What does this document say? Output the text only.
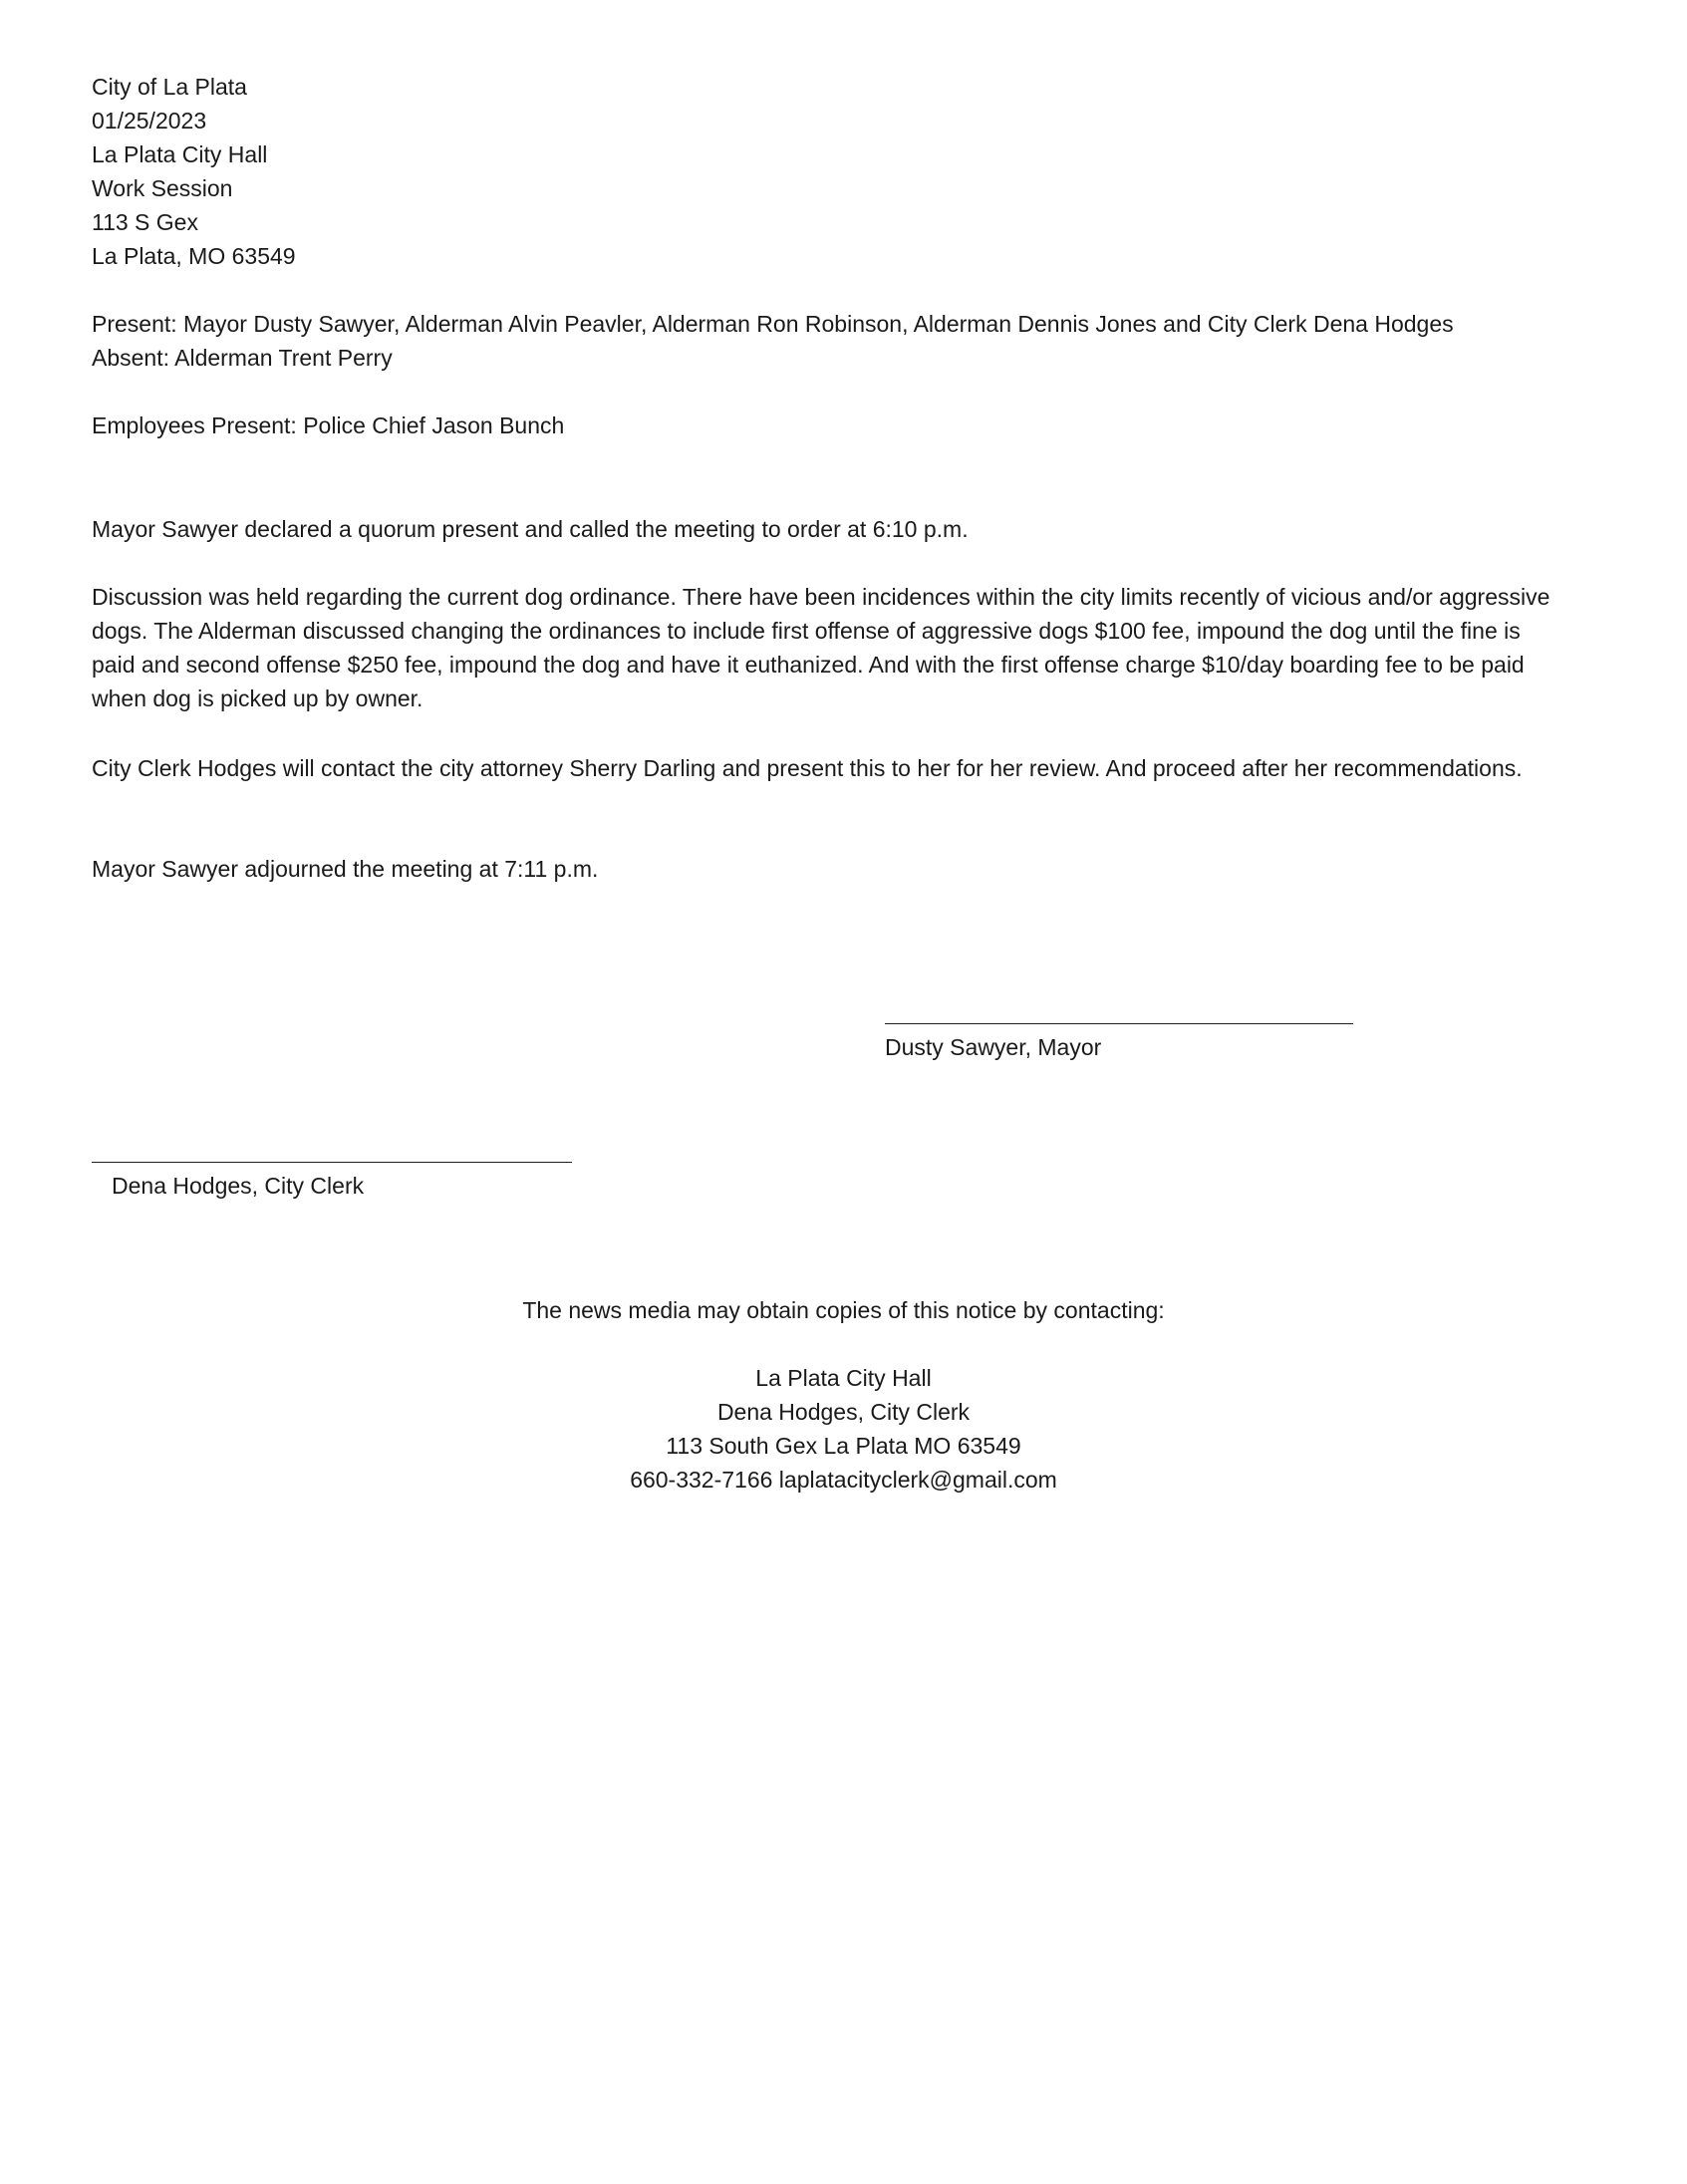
City of La Plata
01/25/2023
La Plata City Hall
Work Session
113 S Gex
La Plata, MO 63549
Present: Mayor Dusty Sawyer, Alderman Alvin Peavler, Alderman Ron Robinson, Alderman Dennis Jones and City Clerk Dena Hodges
Absent: Alderman Trent Perry
Employees Present: Police Chief Jason Bunch
Mayor Sawyer declared a quorum present and called the meeting to order at 6:10 p.m.
Discussion was held regarding the current dog ordinance. There have been incidences within the city limits recently of vicious and/or aggressive dogs. The Alderman discussed changing the ordinances to include first offense of aggressive dogs $100 fee, impound the dog until the fine is paid and second offense $250 fee, impound the dog and have it euthanized. And with the first offense charge $10/day boarding fee to be paid when dog is picked up by owner.
City Clerk Hodges will contact the city attorney Sherry Darling and present this to her for her review. And proceed after her recommendations.
Mayor Sawyer adjourned the meeting at 7:11 p.m.
Dusty Sawyer, Mayor
Dena Hodges, City Clerk
The news media may obtain copies of this notice by contacting:
La Plata City Hall
Dena Hodges, City Clerk
113 South Gex La Plata MO 63549
660-332-7166 laplatacityclerk@gmail.com
